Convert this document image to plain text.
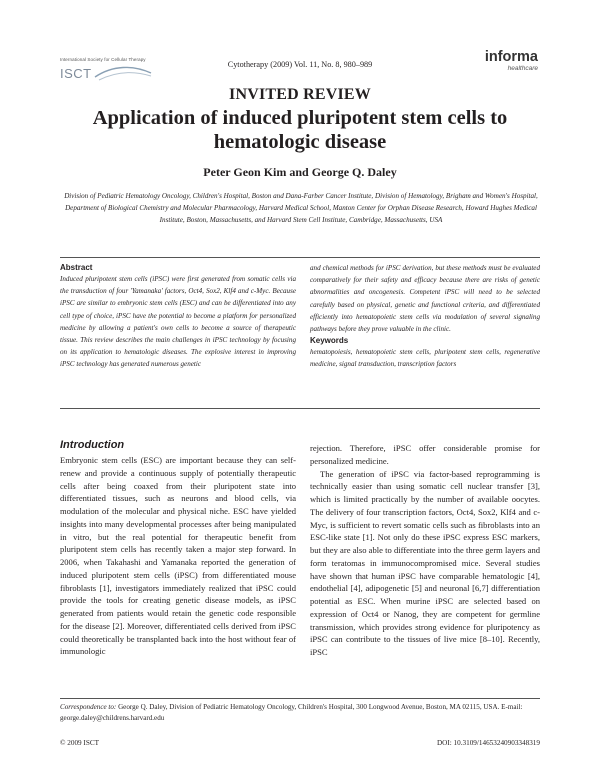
International Society for Cellular Therapy
ISCT
Cytotherapy (2009) Vol. 11, No. 8, 980–989	informa
healthcare
INVITED REVIEW
Application of induced pluripotent stem cells to hematologic disease
Peter Geon Kim and George Q. Daley
Division of Pediatric Hematology Oncology, Children's Hospital, Boston and Dana-Farber Cancer Institute, Division of Hematology, Brigham and Women's Hospital, Department of Biological Chemistry and Molecular Pharmacology, Harvard Medical School, Manton Center for Orphan Disease Research, Howard Hughes Medical Institute, Boston, Massachusetts, and Harvard Stem Cell Institute, Cambridge, Massachusetts, USA
Abstract

Induced pluripotent stem cells (iPSC) were first generated from somatic cells via the transduction of four 'Yamanaka' factors, Oct4, Sox2, Klf4 and c-Myc. Because iPSC are similar to embryonic stem cells (ESC) and can be differentiated into any cell type of choice, iPSC have the potential to become a platform for personalized medicine by allowing a patient's own cells to become a source of therapeutic tissue. This review describes the main challenges in iPSC technology by focusing on its application to hematologic diseases. The explosive interest in improving iPSC technology has generated numerous genetic

and chemical methods for iPSC derivation, but these methods must be evaluated comparatively for their safety and efficacy because there are risks of genetic abnormalities and oncogenesis. Competent iPSC will need to be selected carefully based on physical, genetic and functional criteria, and differentiated efficiently into hematopoietic stem cells via modulation of several signaling pathways before they prove valuable in the clinic.

Keywords

hematopoiesis, hematopoietic stem cells, pluripotent stem cells, regenerative medicine, signal transduction, transcription factors

Introduction

Embryonic stem cells (ESC) are important because they can self-renew and provide a continuous supply of potentially therapeutic cells after being coaxed from their pluripotent state into differentiated tissues, such as neurons and blood cells, via modulation of the molecular and physical niche. ESC have yielded insights into many developmental processes after being manipulated in vitro, but the real potential for therapeutic benefit from pluripotent stem cells has recently taken a major step forward. In 2006, when Takahashi and Yamanaka reported the generation of induced pluripotent stem cells (iPSC) from differentiated mouse fibroblasts [1], investigators immediately realized that iPSC could provide the tools for creating genetic disease models, as iPSC generated from patients would retain the genetic code responsible for the disease [2]. Moreover, differentiated cells derived from iPSC could theoretically be transplanted back into the host without fear of immunologic

rejection. Therefore, iPSC offer considerable promise for personalized medicine.

The generation of iPSC via factor-based reprogramming is technically easier than using somatic cell nuclear transfer [3], which is limited practically by the number of available oocytes. The delivery of four transcription factors, Oct4, Sox2, Klf4 and c-Myc, is sufficient to revert somatic cells such as fibroblasts into an ESC-like state [1]. Not only do these iPSC express ESC markers, but they are also able to differentiate into the three germ layers and form teratomas in immunocompromised mice. Several studies have shown that human iPSC have comparable hematologic [4], endothelial [4], adipogenetic [5] and neuronal [6,7] differentiation potential as ESC. When murine iPSC are selected based on expression of Oct4 or Nanog, they are competent for germline transmission, which provides strong evidence for pluripotency as iPSC can contribute to the tissues of live mice [8–10]. Recently, iPSC

Correspondence to: George Q. Daley, Division of Pediatric Hematology Oncology, Children's Hospital, 300 Longwood Avenue, Boston, MA 02115, USA. E-mail: george.daley@childrens.harvard.edu
© 2009 ISCT	DOI: 10.3109/14653240903348319
